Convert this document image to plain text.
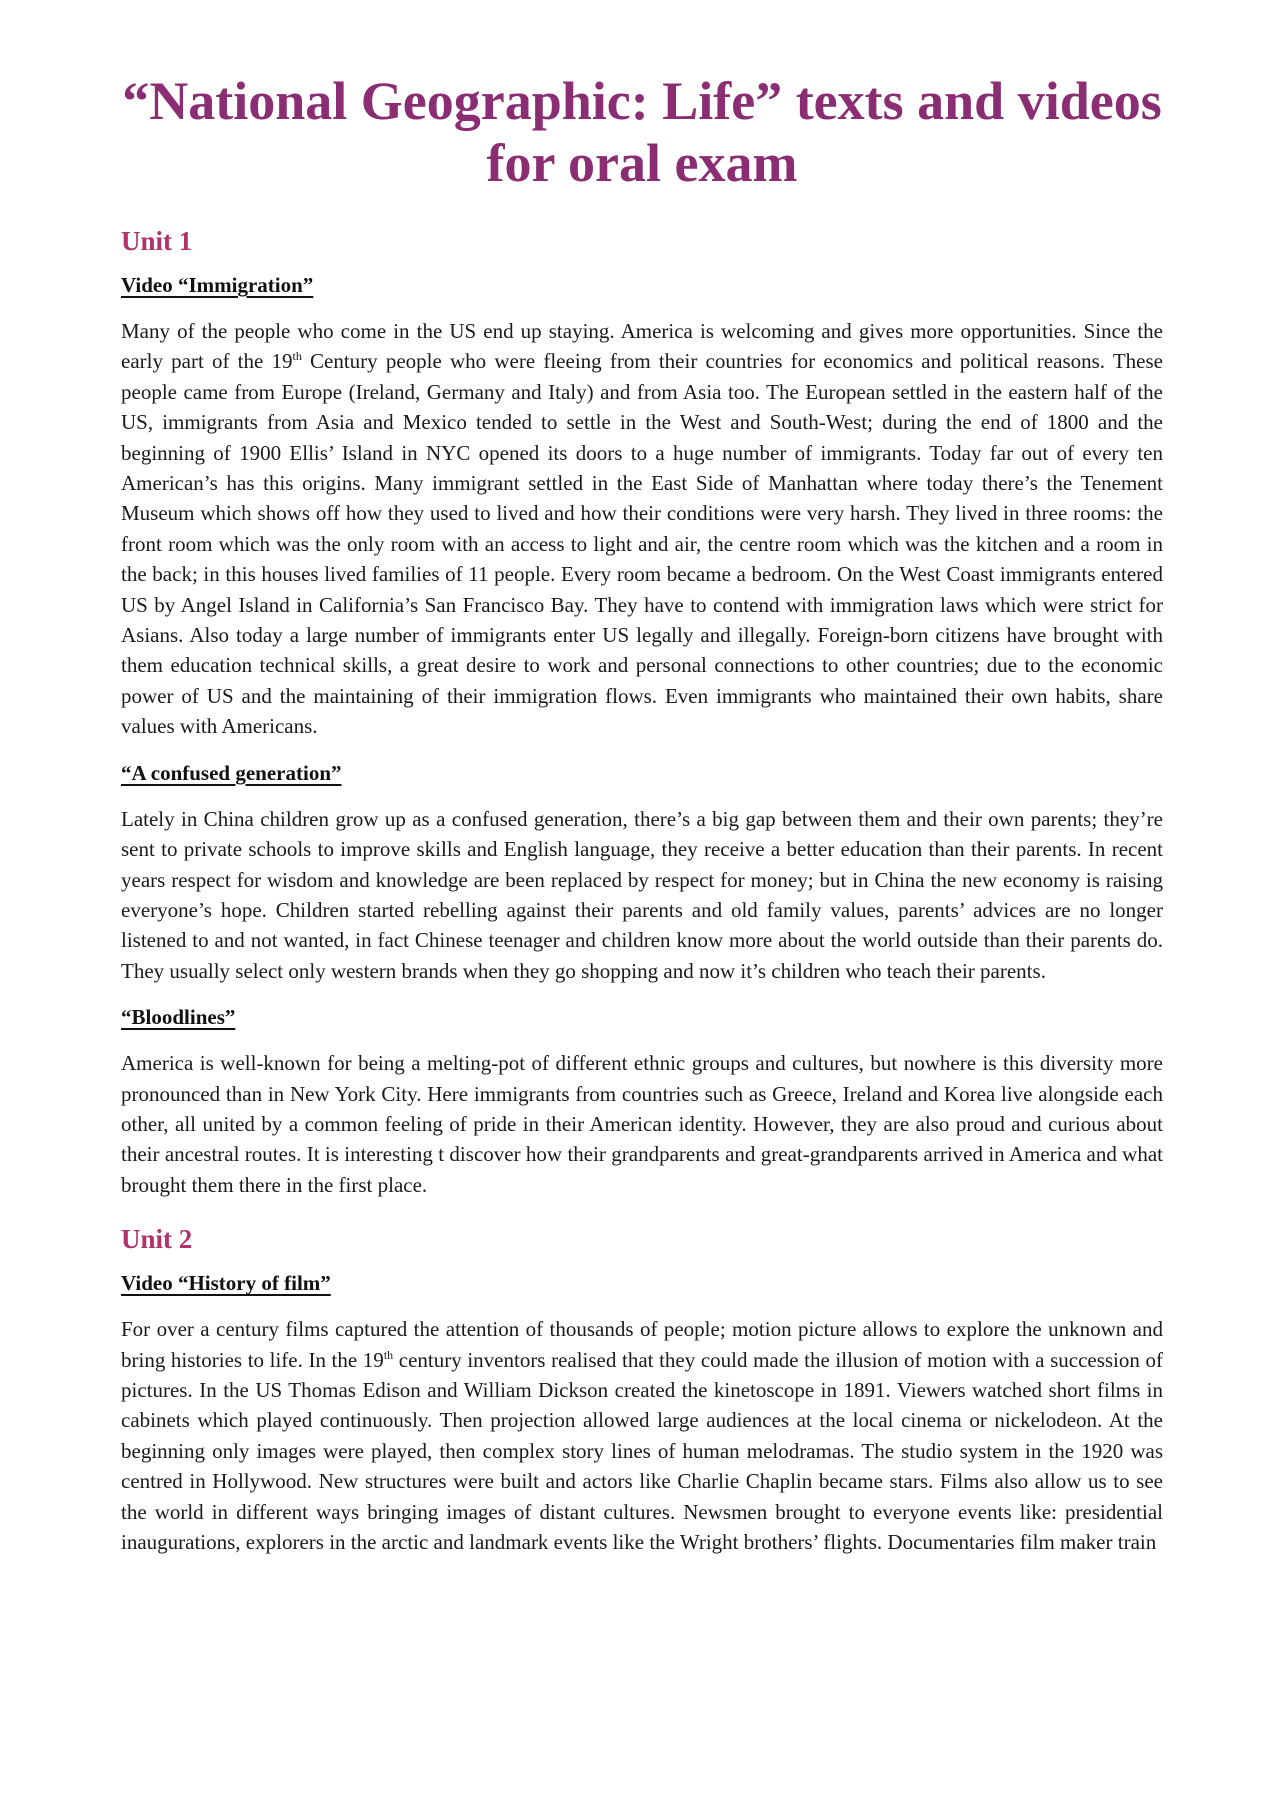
“National Geographic: Life” texts and videos for oral exam
Unit 1
Video “Immigration”

Many of the people who come in the US end up staying. America is welcoming and gives more opportunities. Since the early part of the 19th Century people who were fleeing from their countries for economics and political reasons. These people came from Europe (Ireland, Germany and Italy) and from Asia too. The European settled in the eastern half of the US, immigrants from Asia and Mexico tended to settle in the West and South-West; during the end of 1800 and the beginning of 1900 Ellis’ Island in NYC opened its doors to a huge number of immigrants. Today far out of every ten American’s has this origins. Many immigrant settled in the East Side of Manhattan where today there’s the Tenement Museum which shows off how they used to lived and how their conditions were very harsh. They lived in three rooms: the front room which was the only room with an access to light and air, the centre room which was the kitchen and a room in the back; in this houses lived families of 11 people. Every room became a bedroom. On the West Coast immigrants entered US by Angel Island in California’s San Francisco Bay. They have to contend with immigration laws which were strict for Asians. Also today a large number of immigrants enter US legally and illegally. Foreign-born citizens have brought with them education technical skills, a great desire to work and personal connections to other countries; due to the economic power of US and the maintaining of their immigration flows. Even immigrants who maintained their own habits, share values with Americans.

“A confused generation”

Lately in China children grow up as a confused generation, there’s a big gap between them and their own parents; they’re sent to private schools to improve skills and English language, they receive a better education than their parents. In recent years respect for wisdom and knowledge are been replaced by respect for money; but in China the new economy is raising everyone’s hope. Children started rebelling against their parents and old family values, parents’ advices are no longer listened to and not wanted, in fact Chinese teenager and children know more about the world outside than their parents do. They usually select only western brands when they go shopping and now it’s children who teach their parents.

“Bloodlines”

America is well-known for being a melting-pot of different ethnic groups and cultures, but nowhere is this diversity more pronounced than in New York City. Here immigrants from countries such as Greece, Ireland and Korea live alongside each other, all united by a common feeling of pride in their American identity. However, they are also proud and curious about their ancestral routes. It is interesting t discover how their grandparents and great-grandparents arrived in America and what brought them there in the first place.

Unit 2
Video “History of film”

For over a century films captured the attention of thousands of people; motion picture allows to explore the unknown and bring histories to life. In the 19th century inventors realised that they could made the illusion of motion with a succession of pictures. In the US Thomas Edison and William Dickson created the kinetoscope in 1891. Viewers watched short films in cabinets which played continuously. Then projection allowed large audiences at the local cinema or nickelodeon. At the beginning only images were played, then complex story lines of human melodramas. The studio system in the 1920 was centred in Hollywood. New structures were built and actors like Charlie Chaplin became stars. Films also allow us to see the world in different ways bringing images of distant cultures. Newsmen brought to everyone events like: presidential inaugurations, explorers in the arctic and landmark events like the Wright brothers’ flights. Documentaries film maker train
